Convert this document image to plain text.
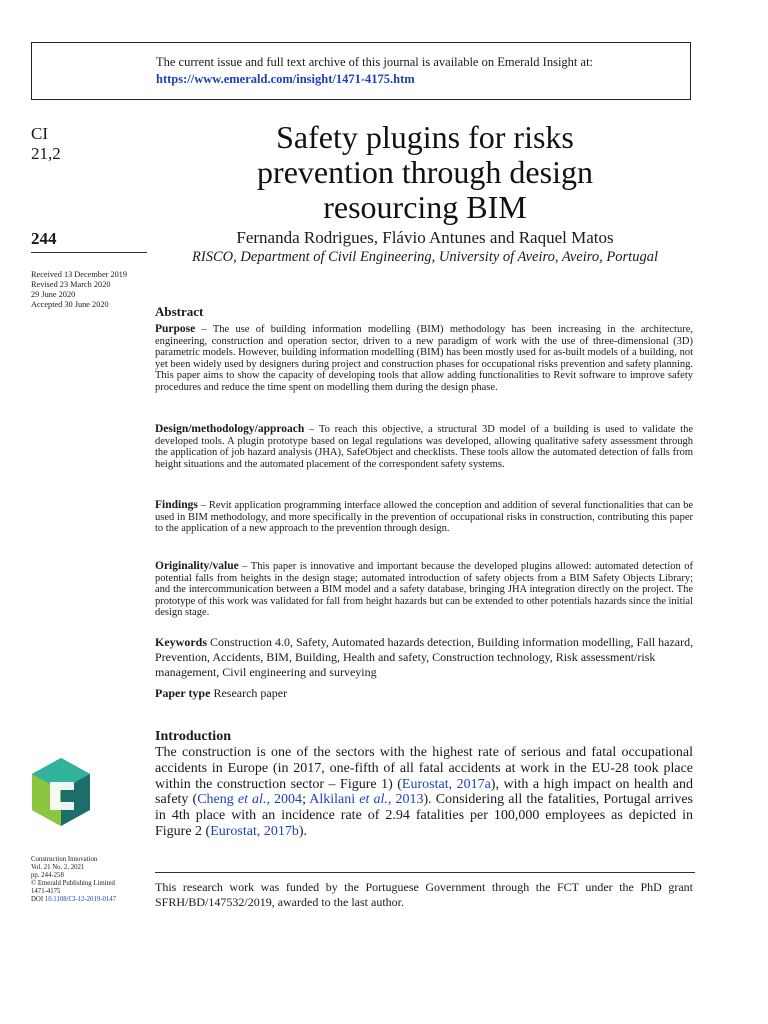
The current issue and full text archive of this journal is available on Emerald Insight at:
https://www.emerald.com/insight/1471-4175.htm
CI
21,2
244
Received 13 December 2019
Revised 23 March 2020
29 June 2020
Accepted 30 June 2020
Construction Innovation
Vol. 21 No. 2, 2021
pp. 244-258
© Emerald Publishing Limited
1471-4175
DOI 10.1108/CI-12-2019-0147
Safety plugins for risks
prevention through design
resourcing BIM
Fernanda Rodrigues, Flávio Antunes and Raquel Matos
RISCO, Department of Civil Engineering, University of Aveiro, Aveiro, Portugal
Abstract
Purpose – The use of building information modelling (BIM) methodology has been increasing in the architecture, engineering, construction and operation sector, driven to a new paradigm of work with the use of three-dimensional (3D) parametric models. However, building information modelling (BIM) has been mostly used for as-built models of a building, not yet been widely used by designers during project and construction phases for occupational risks prevention and safety planning. This paper aims to show the capacity of developing tools that allow adding functionalities to Revit software to improve safety procedures and reduce the time spent on modelling them during the design phase.
Design/methodology/approach – To reach this objective, a structural 3D model of a building is used to validate the developed tools. A plugin prototype based on legal regulations was developed, allowing qualitative safety assessment through the application of job hazard analysis (JHA), SafeObject and checklists. These tools allow the automated detection of falls from height situations and the automated placement of the correspondent safety systems.
Findings – Revit application programming interface allowed the conception and addition of several functionalities that can be used in BIM methodology, and more specifically in the prevention of occupational risks in construction, contributing this paper to the application of a new approach to the prevention through design.
Originality/value – This paper is innovative and important because the developed plugins allowed: automated detection of potential falls from heights in the design stage; automated introduction of safety objects from a BIM Safety Objects Library; and the intercommunication between a BIM model and a safety database, bringing JHA integration directly on the project. The prototype of this work was validated for fall from height hazards but can be extended to other potentials hazards since the initial design stage.
Keywords Construction 4.0, Safety, Automated hazards detection, Building information modelling, Fall hazard, Prevention, Accidents, BIM, Building, Health and safety, Construction technology, Risk assessment/risk management, Civil engineering and surveying
Paper type Research paper
Introduction
The construction is one of the sectors with the highest rate of serious and fatal occupational accidents in Europe (in 2017, one-fifth of all fatal accidents at work in the EU-28 took place within the construction sector – Figure 1) (Eurostat, 2017a), with a high impact on health and safety (Cheng et al., 2004; Alkilani et al., 2013). Considering all the fatalities, Portugal arrives in 4th place with an incidence rate of 2.94 fatalities per 100,000 employees as depicted in Figure 2 (Eurostat, 2017b).
This research work was funded by the Portuguese Government through the FCT under the PhD grant SFRH/BD/147532/2019, awarded to the last author.
